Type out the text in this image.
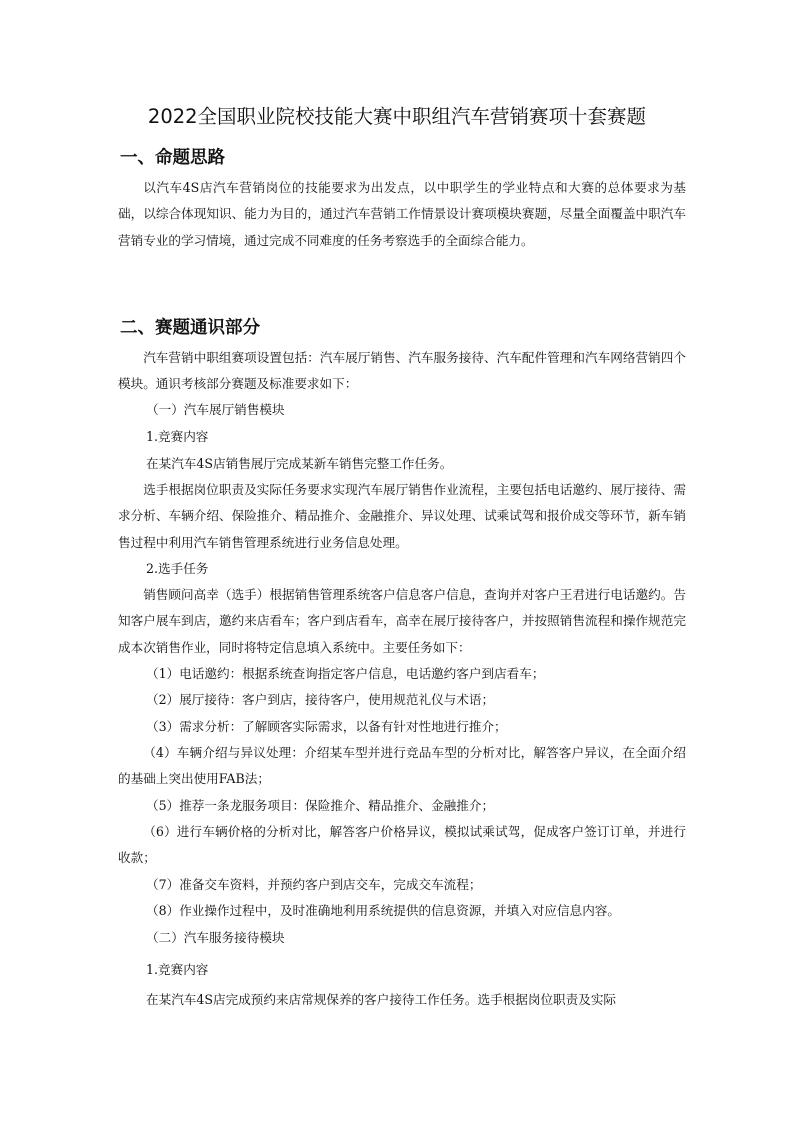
2022全国职业院校技能大赛中职组汽车营销赛项十套赛题
一、命题思路

以汽车4S店汽车营销岗位的技能要求为出发点，以中职学生的学业特点和大赛的总体要求为基础，以综合体现知识、能力为目的，通过汽车营销工作情景设计赛项模块赛题，尽量全面覆盖中职汽车营销专业的学习情境，通过完成不同难度的任务考察选手的全面综合能力。

二、赛题通识部分

汽车营销中职组赛项设置包括：汽车展厅销售、汽车服务接待、汽车配件管理和汽车网络营销四个模块。通识考核部分赛题及标准要求如下：

（一）汽车展厅销售模块
1.竞赛内容
在某汽车4S店销售展厅完成某新车销售完整工作任务。

选手根据岗位职责及实际任务要求实现汽车展厅销售作业流程，主要包括电话邀约、展厅接待、需求分析、车辆介绍、保险推介、精品推介、金融推介、异议处理、试乘试驾和报价成交等环节，新车销售过程中利用汽车销售管理系统进行业务信息处理。

2.选手任务

销售顾问高幸（选手）根据销售管理系统客户信息客户信息，查询并对客户王君进行电话邀约。告知客户展车到店，邀约来店看车；客户到店看车，高幸在展厅接待客户，并按照销售流程和操作规范完成本次销售作业，同时将特定信息填入系统中。主要任务如下：

（1）电话邀约：根据系统查询指定客户信息，电话邀约客户到店看车；
（2）展厅接待：客户到店，接待客户，使用规范礼仪与术语；
（3）需求分析：了解顾客实际需求，以备有针对性地进行推介；

（4）车辆介绍与异议处理：介绍某车型并进行竞品车型的分析对比，解答客户异议，在全面介绍的基础上突出使用FAB法；

（5）推荐一条龙服务项目：保险推介、精品推介、金融推介；

（6）进行车辆价格的分析对比，解答客户价格异议，模拟试乘试驾，促成客户签订订单，并进行收款；

（7）准备交车资料，并预约客户到店交车，完成交车流程；
（8）作业操作过程中，及时准确地利用系统提供的信息资源，并填入对应信息内容。
（二）汽车服务接待模块
1.竞赛内容
在某汽车4S店完成预约来店常规保养的客户接待工作任务。选手根据岗位职责及实际
